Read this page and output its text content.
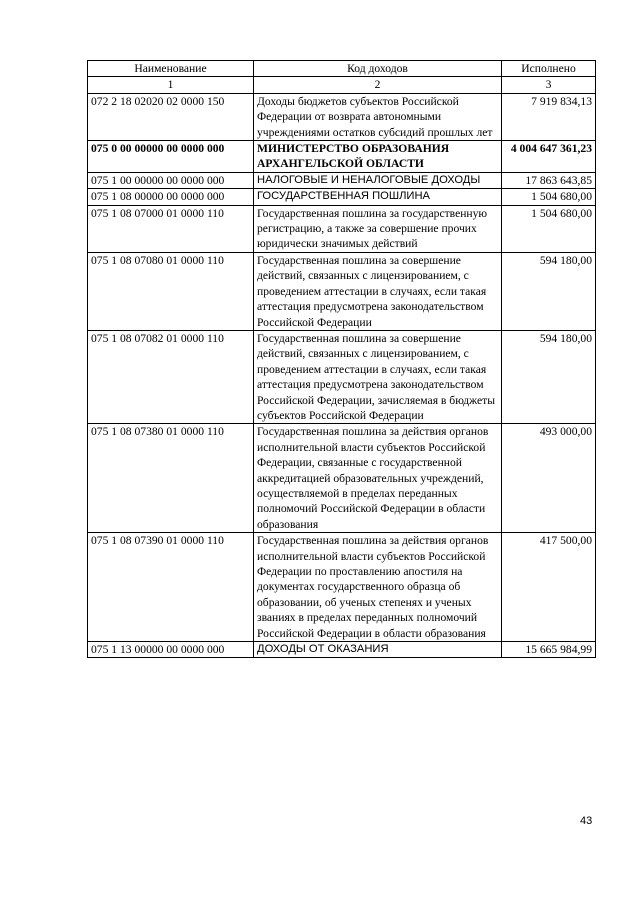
Наименование	Код доходов	Исполнено
1	2	3
072 2 18 02020 02 0000 150	Доходы бюджетов субъектов Российской Федерации от возврата автономными учреждениями остатков субсидий прошлых лет	7 919 834,13
075 0 00 00000 00 0000 000	МИНИСТЕРСТВО ОБРАЗОВАНИЯ АРХАНГЕЛЬСКОЙ ОБЛАСТИ	4 004 647 361,23
075 1 00 00000 00 0000 000	НАЛОГОВЫЕ И НЕНАЛОГОВЫЕ ДОХОДЫ	17 863 643,85
075 1 08 00000 00 0000 000	ГОСУДАРСТВЕННАЯ ПОШЛИНА	1 504 680,00
075 1 08 07000 01 0000 110	Государственная пошлина за государственную регистрацию, а также за совершение прочих юридически значимых действий	1 504 680,00
075 1 08 07080 01 0000 110	Государственная пошлина за совершение действий, связанных с лицензированием, с проведением аттестации в случаях, если такая аттестация предусмотрена законодательством Российской Федерации	594 180,00
075 1 08 07082 01 0000 110	Государственная пошлина за совершение действий, связанных с лицензированием, с проведением аттестации в случаях, если такая аттестация предусмотрена законодательством Российской Федерации, зачисляемая в бюджеты субъектов Российской Федерации	594 180,00
075 1 08 07380 01 0000 110	Государственная пошлина за действия органов исполнительной власти субъектов Российской Федерации, связанные с государственной аккредитацией образовательных учреждений, осуществляемой в пределах переданных полномочий Российской Федерации в области образования	493 000,00
075 1 08 07390 01 0000 110	Государственная пошлина за действия органов исполнительной власти субъектов Российской Федерации по проставлению апостиля на документах государственного образца об образовании, об ученых степенях и ученых званиях в пределах переданных полномочий Российской Федерации в области образования	417 500,00
075 1 13 00000 00 0000 000	ДОХОДЫ ОТ ОКАЗАНИЯ	15 665 984,99
43
